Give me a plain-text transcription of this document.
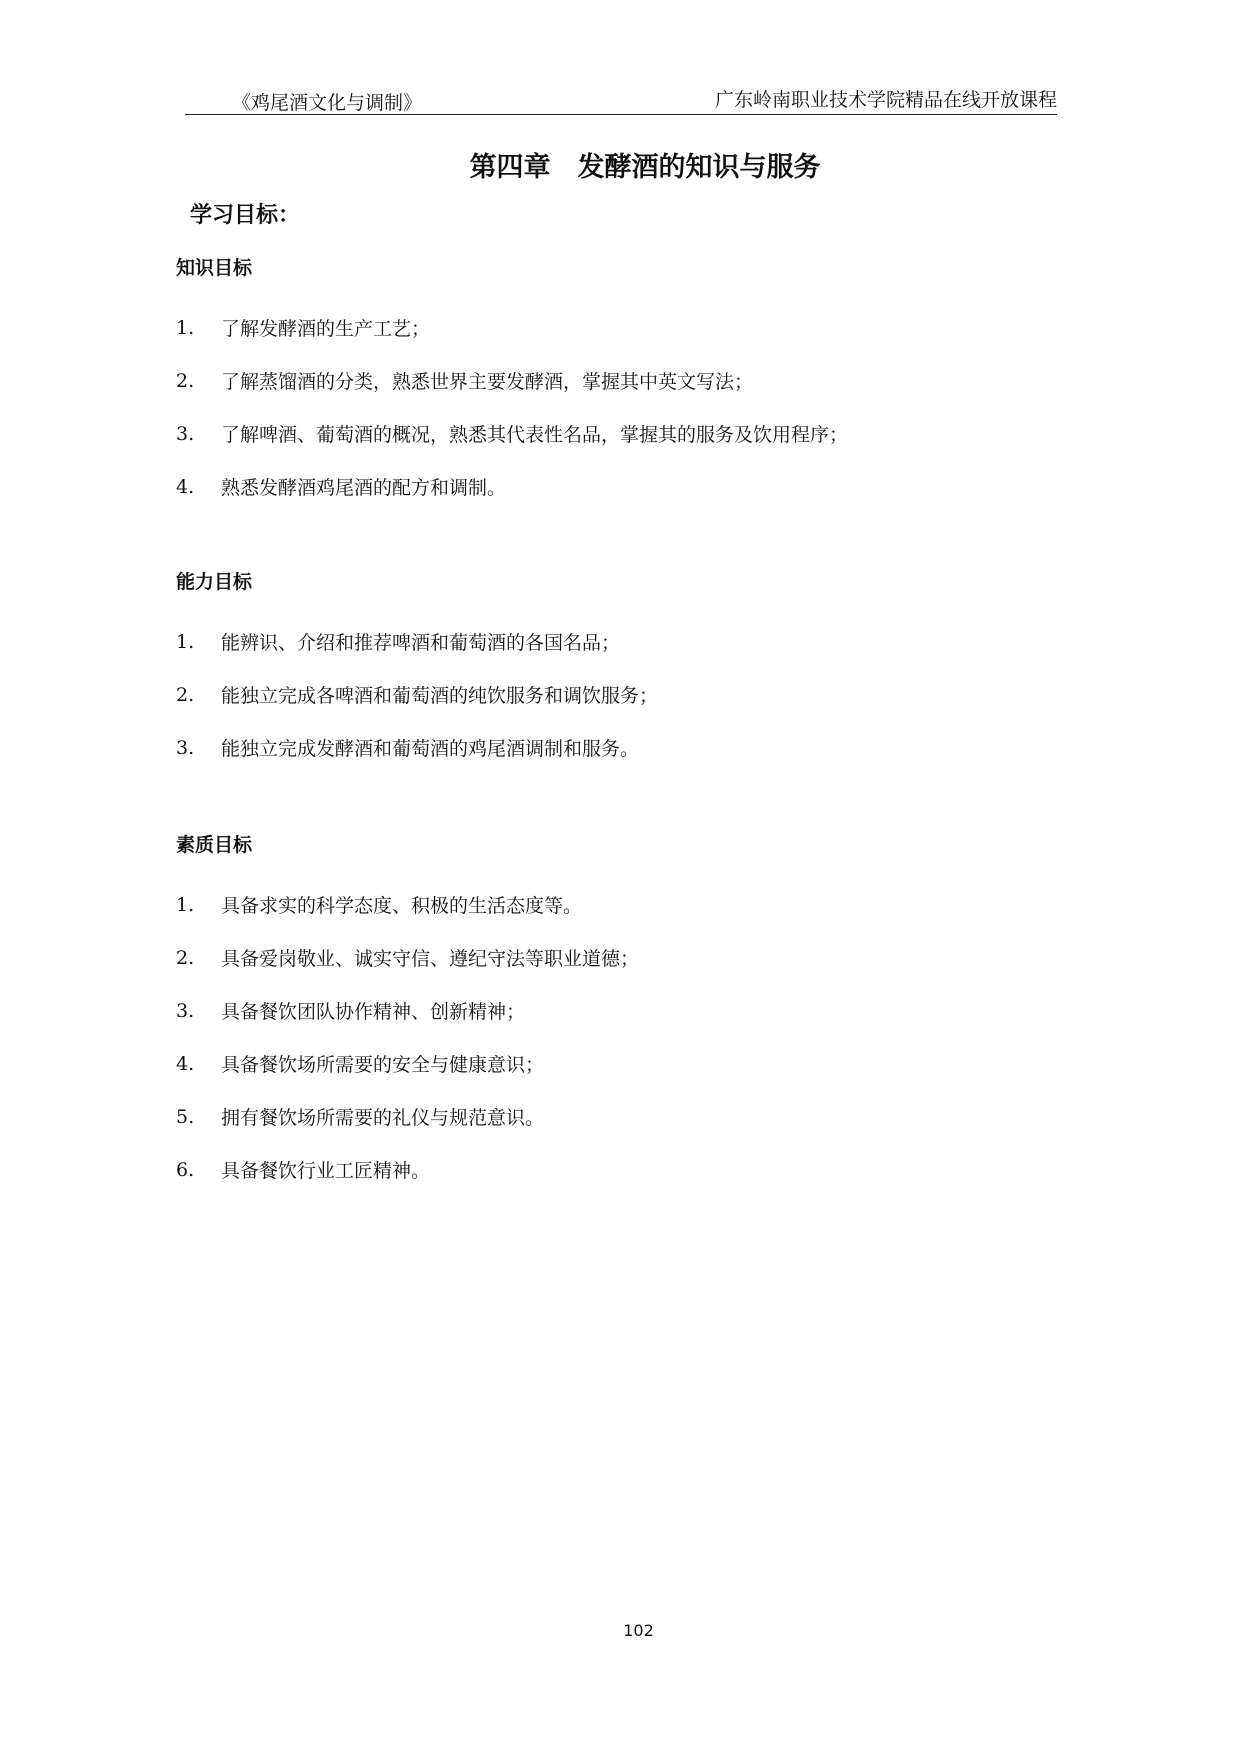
《鸡尾酒文化与调制》	广东岭南职业技术学院精品在线开放课程
第四章　发酵酒的知识与服务
学习目标：
知识目标
1.	了解发酵酒的生产工艺；
2.	了解蒸馏酒的分类，熟悉世界主要发酵酒，掌握其中英文写法；
3.	了解啤酒、葡萄酒的概况，熟悉其代表性名品，掌握其的服务及饮用程序；
4.	熟悉发酵酒鸡尾酒的配方和调制。
能力目标
1.	能辨识、介绍和推荐啤酒和葡萄酒的各国名品；
2.	能独立完成各啤酒和葡萄酒的纯饮服务和调饮服务；
3.	能独立完成发酵酒和葡萄酒的鸡尾酒调制和服务。
素质目标
1.	具备求实的科学态度、积极的生活态度等。
2.	具备爱岗敬业、诚实守信、遵纪守法等职业道德；
3.	具备餐饮团队协作精神、创新精神；
4.	具备餐饮场所需要的安全与健康意识；
5.	拥有餐饮场所需要的礼仪与规范意识。
6.	具备餐饮行业工匠精神。
102
